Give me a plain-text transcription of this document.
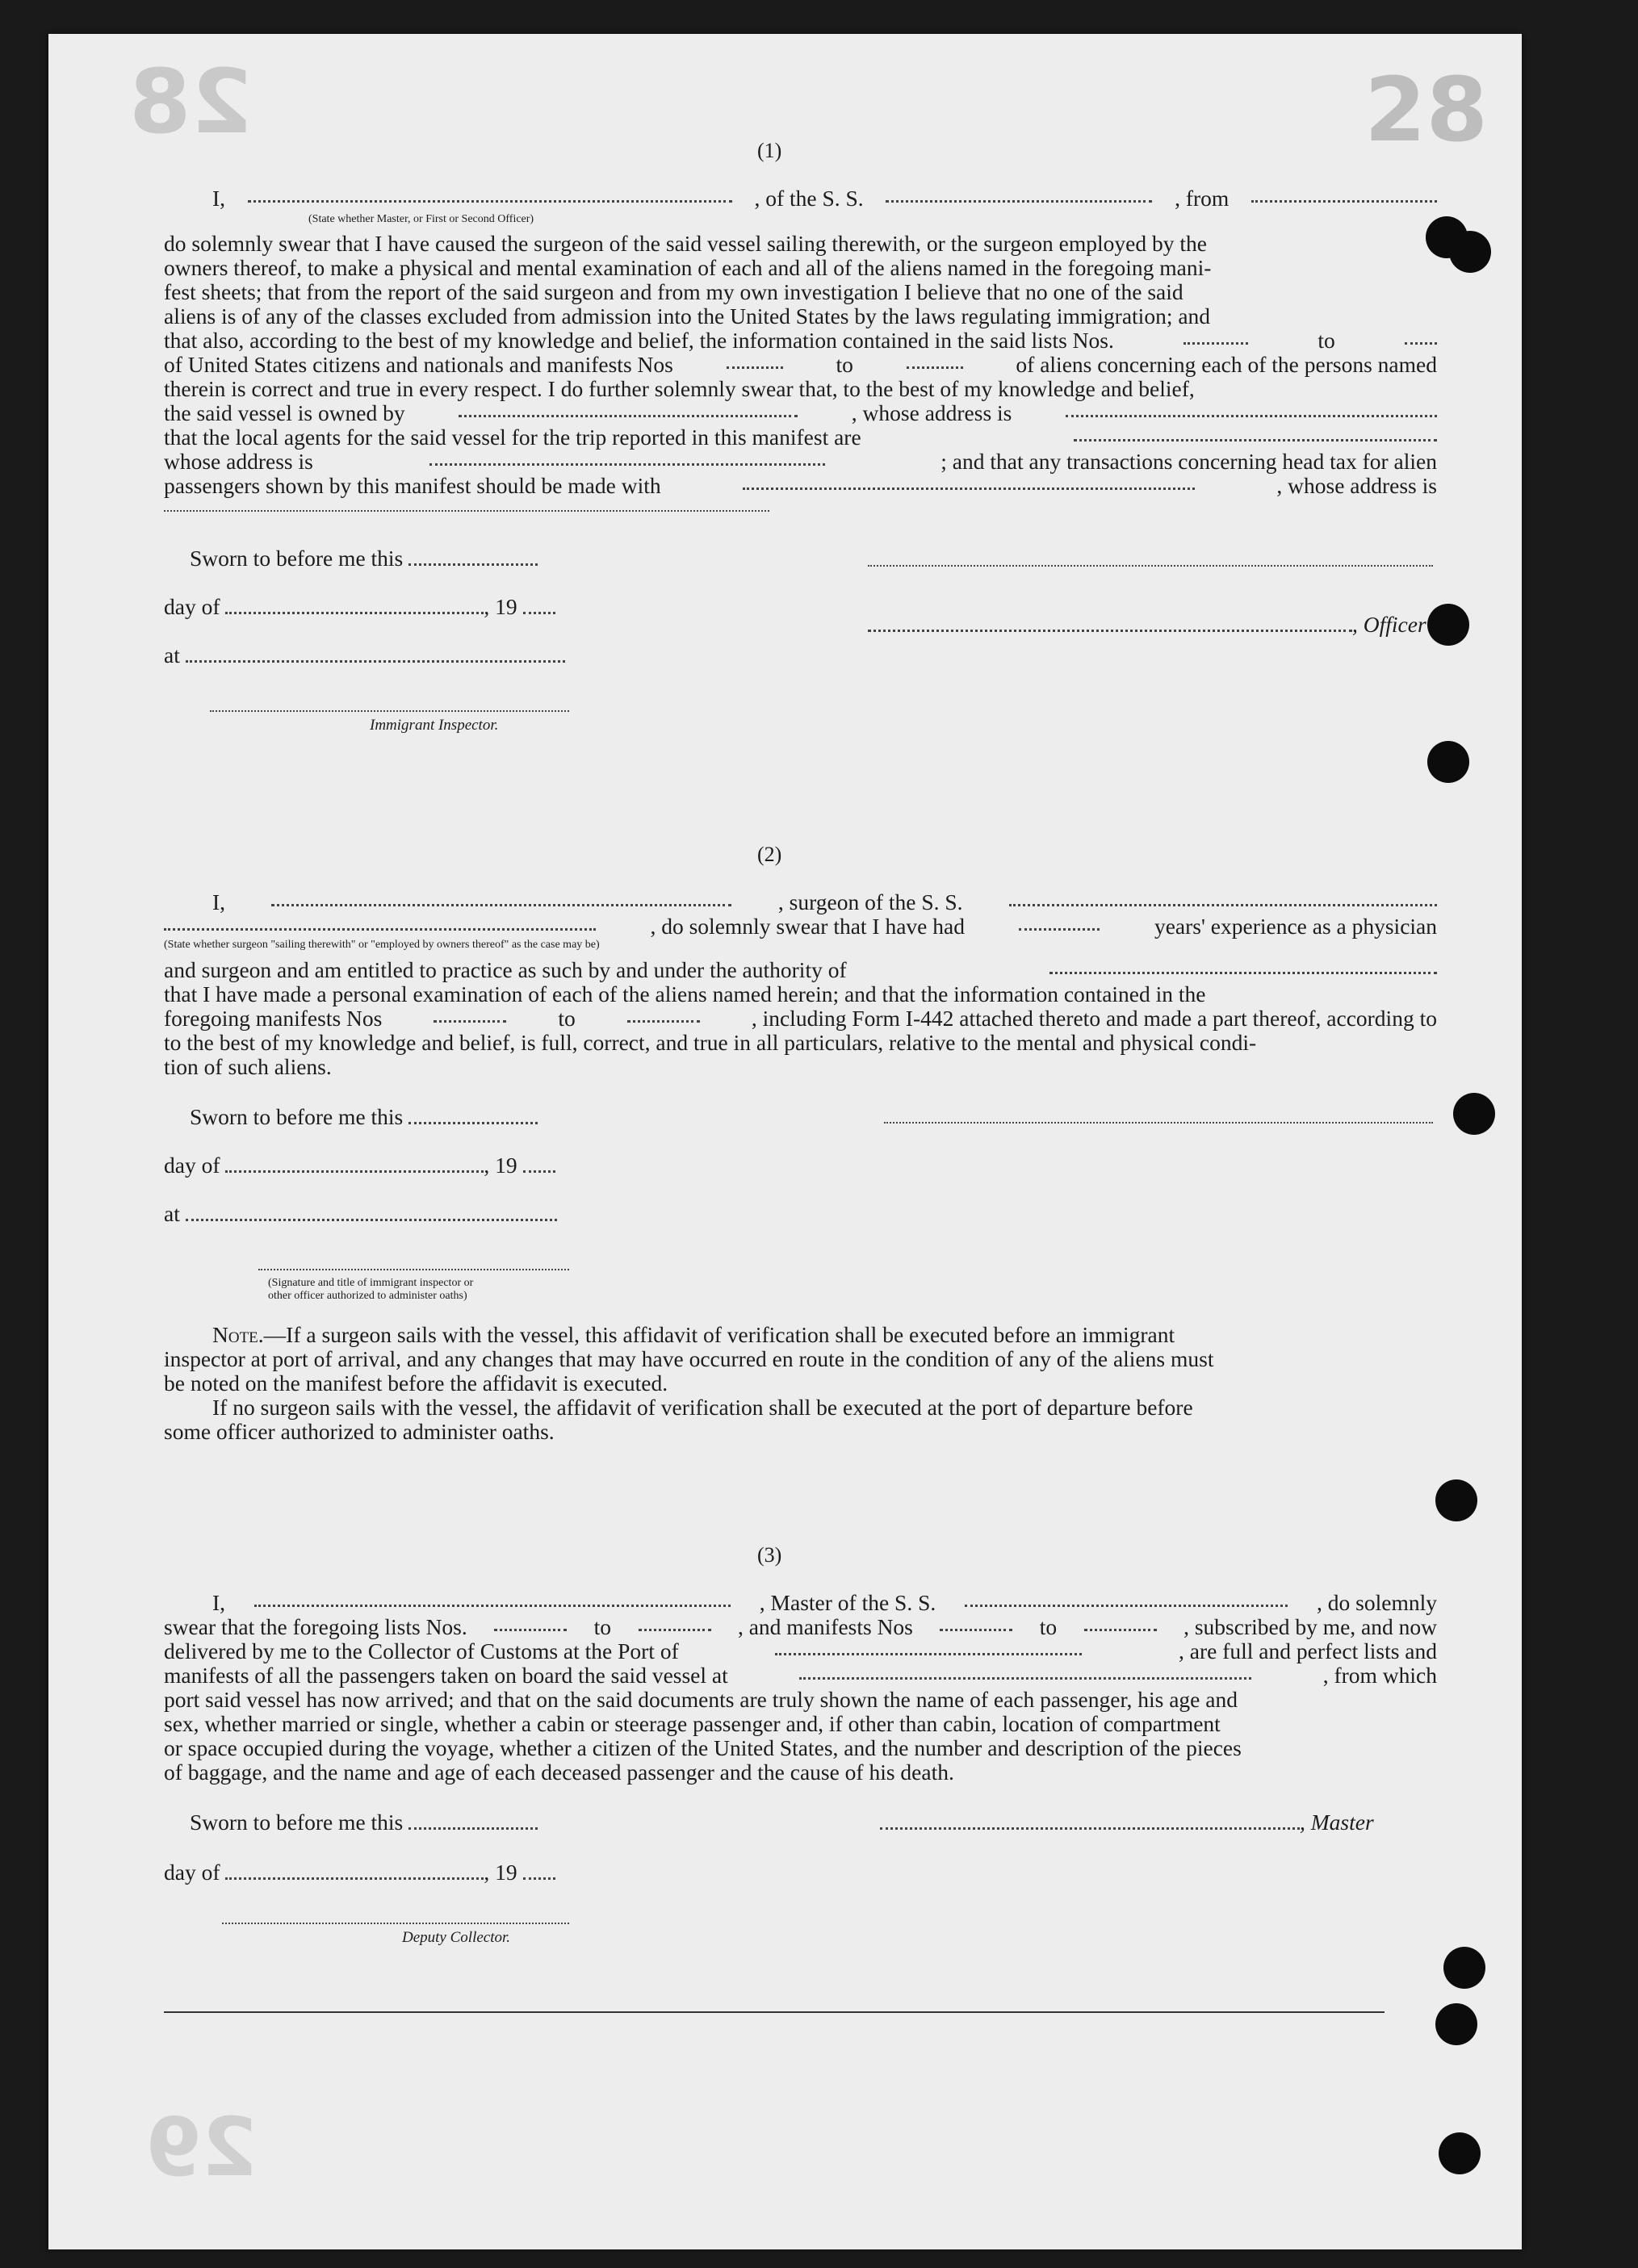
28	28
29
(1)
I,	, of the S. S.	, from
(State whether Master, or First or Second Officer)
do solemnly swear that I have caused the surgeon of the said vessel sailing therewith, or the surgeon employed by the
owners thereof, to make a physical and mental examination of each and all of the aliens named in the foregoing mani-
fest sheets; that from the report of the said surgeon and from my own investigation I believe that no one of the said
aliens is of any of the classes excluded from admission into the United States by the laws regulating immigration; and
that also, according to the best of my knowledge and belief, the information contained in the said lists Nos.	to
of United States citizens and nationals and manifests Nos	to	of aliens concerning each of the persons named
therein is correct and true in every respect. I do further solemnly swear that, to the best of my knowledge and belief,
the said vessel is owned by	, whose address is
that the local agents for the said vessel for the trip reported in this manifest are
whose address is	; and that any transactions concerning head tax for alien
passengers shown by this manifest should be made with	, whose address is
Sworn to before me this
day of	, 19
, Officer
at
Immigrant Inspector.
(2)
I,	, surgeon of the S. S.
, do solemnly swear that I have had	years' experience as a physician
(State whether surgeon "sailing therewith" or "employed by owners thereof" as the case may be)
and surgeon and am entitled to practice as such by and under the authority of
that I have made a personal examination of each of the aliens named herein; and that the information contained in the
foregoing manifests Nos	to	, including Form I-442 attached thereto and made a part thereof, according to
to the best of my knowledge and belief, is full, correct, and true in all particulars, relative to the mental and physical condi-
tion of such aliens.
Sworn to before me this
day of	, 19
at
(Signature and title of immigrant inspector or
other officer authorized to administer oaths)
Note.—If a surgeon sails with the vessel, this affidavit of verification shall be executed before an immigrant
inspector at port of arrival, and any changes that may have occurred en route in the condition of any of the aliens must
be noted on the manifest before the affidavit is executed.
If no surgeon sails with the vessel, the affidavit of verification shall be executed at the port of departure before
some officer authorized to administer oaths.
(3)
I,	, Master of the S. S.	, do solemnly
swear that the foregoing lists Nos.	to	, and manifests Nos	to	, subscribed by me, and now
delivered by me to the Collector of Customs at the Port of	, are full and perfect lists and
manifests of all the passengers taken on board the said vessel at	, from which
port said vessel has now arrived; and that on the said documents are truly shown the name of each passenger, his age and
sex, whether married or single, whether a cabin or steerage passenger and, if other than cabin, location of compartment
or space occupied during the voyage, whether a citizen of the United States, and the number and description of the pieces
of baggage, and the name and age of each deceased passenger and the cause of his death.
Sworn to before me this	, Master
day of	, 19
Deputy Collector.
